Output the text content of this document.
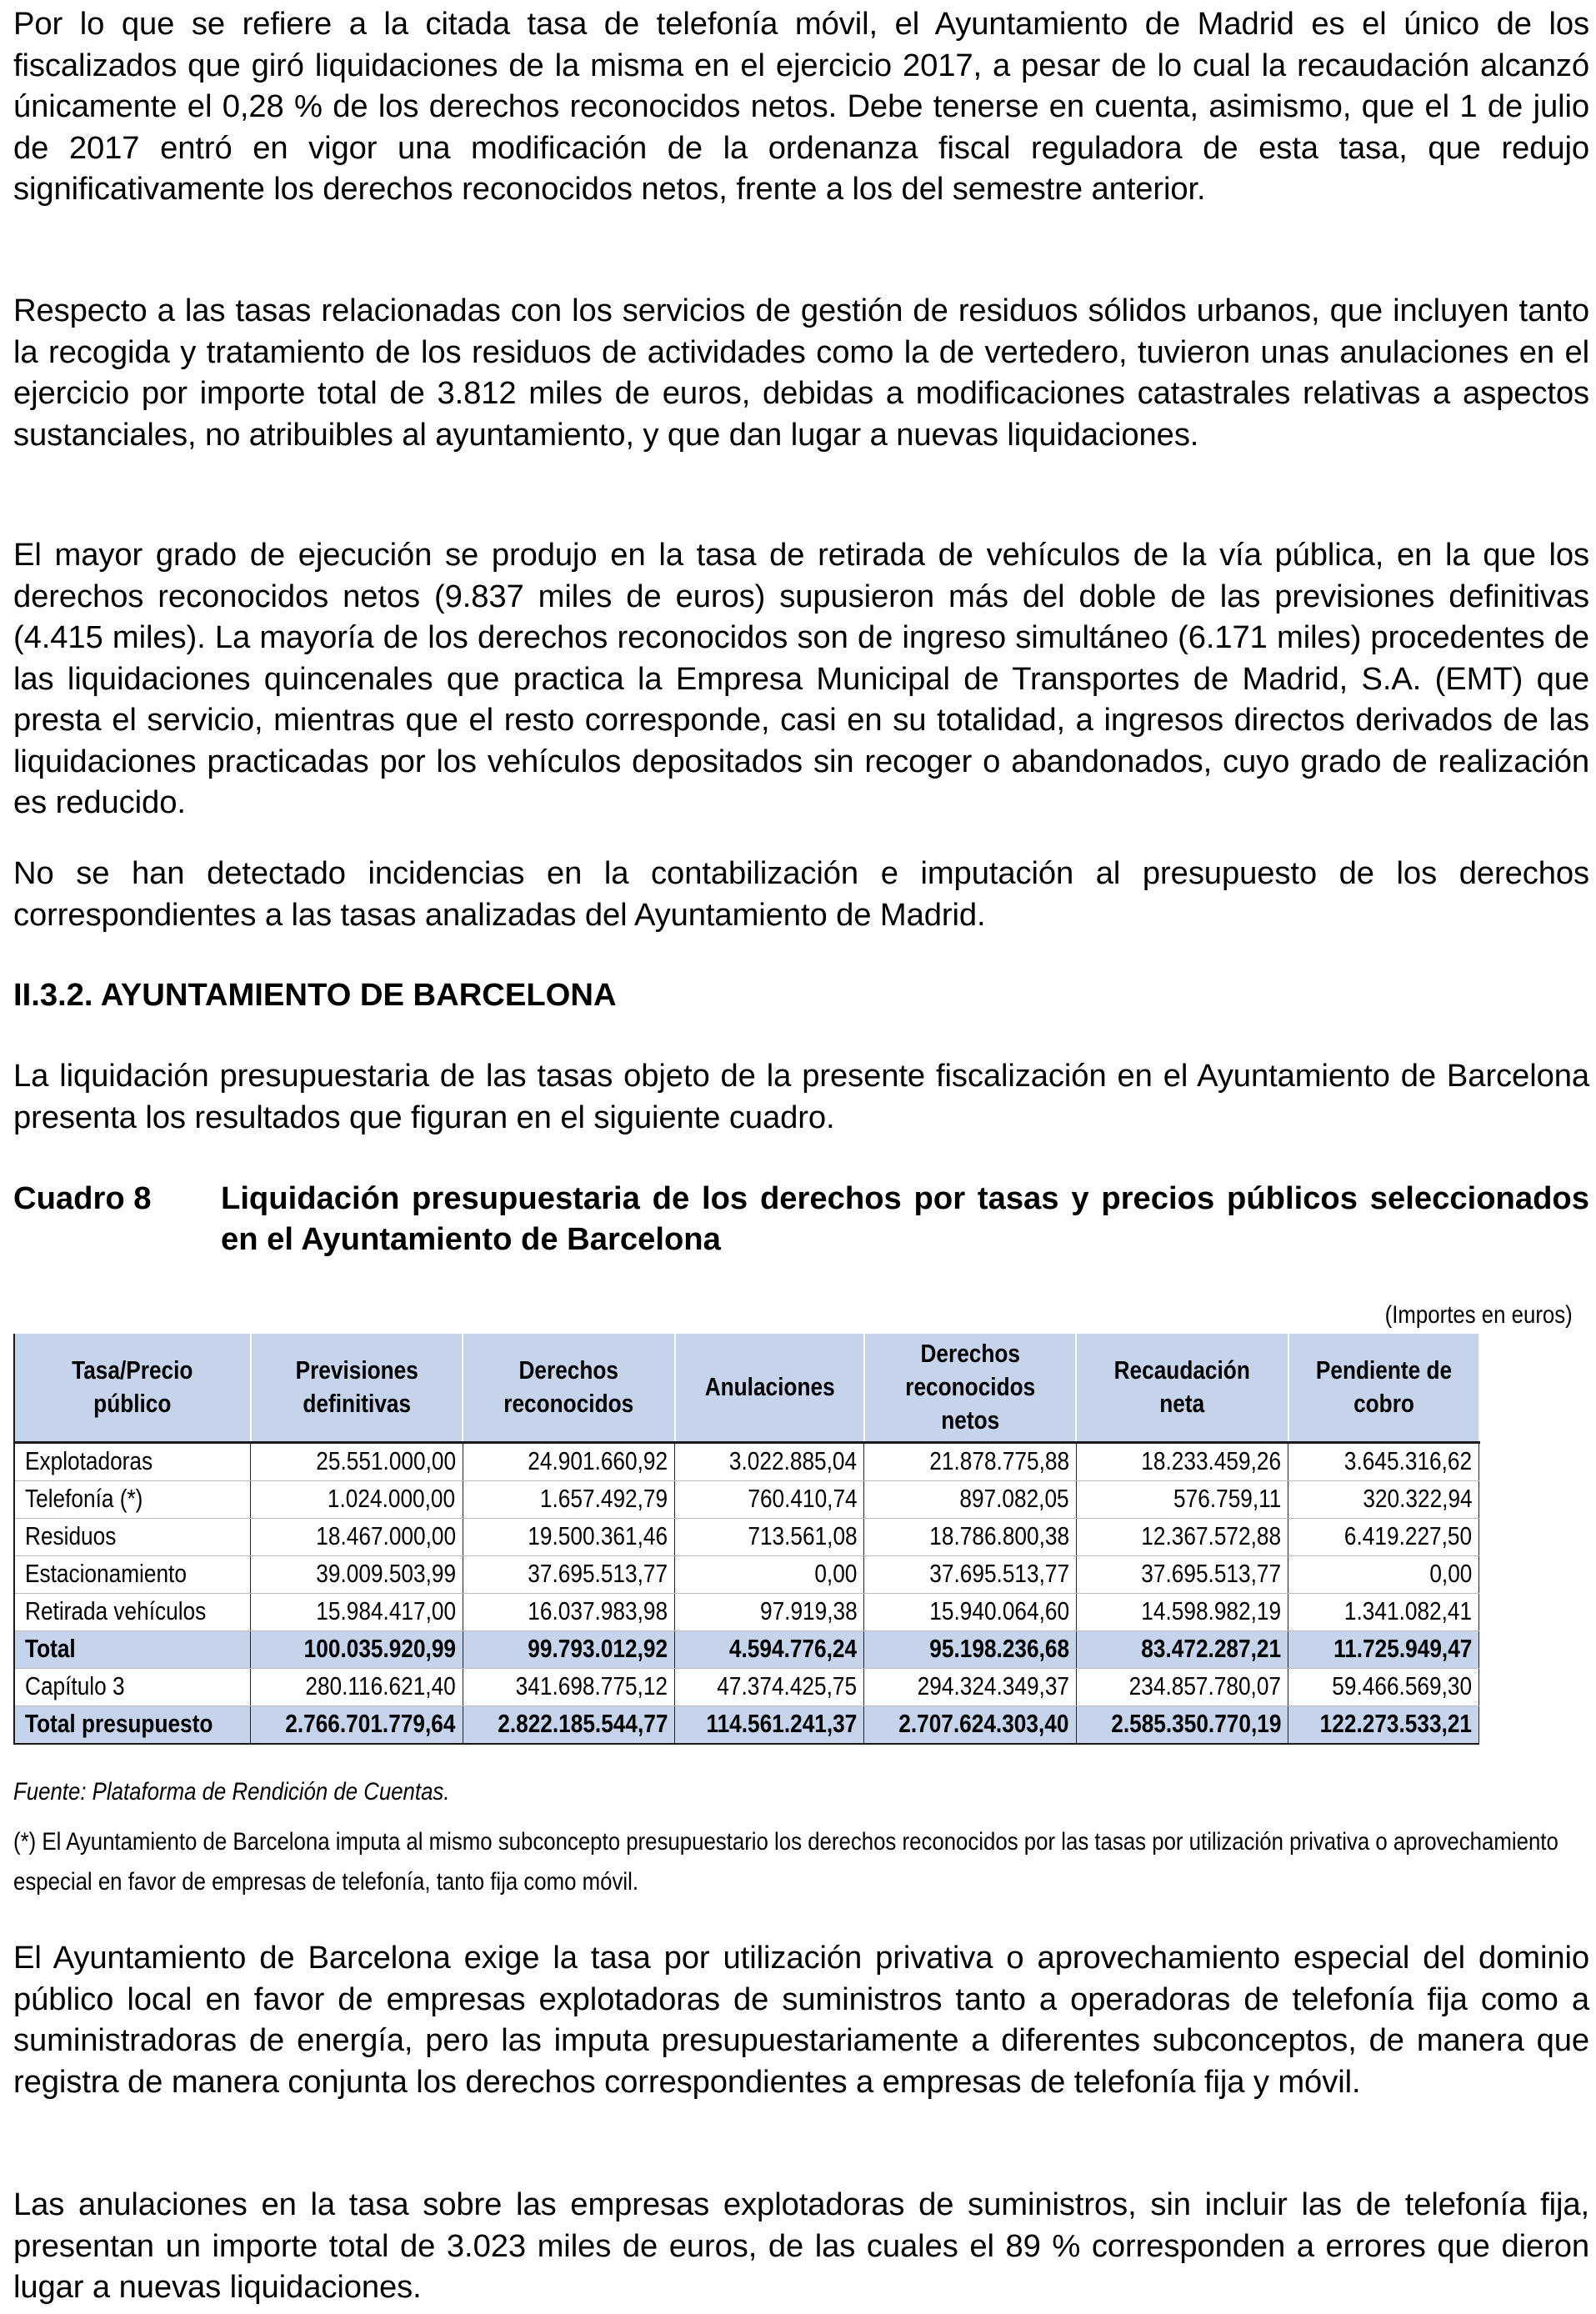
Por lo que se refiere a la citada tasa de telefonía móvil, el Ayuntamiento de Madrid es el único de los fiscalizados que giró liquidaciones de la misma en el ejercicio 2017, a pesar de lo cual la recaudación alcanzó únicamente el 0,28 % de los derechos reconocidos netos. Debe tenerse en cuenta, asimismo, que el 1 de julio de 2017 entró en vigor una modificación de la ordenanza fiscal reguladora de esta tasa, que redujo significativamente los derechos reconocidos netos, frente a los del semestre anterior.

Respecto a las tasas relacionadas con los servicios de gestión de residuos sólidos urbanos, que incluyen tanto la recogida y tratamiento de los residuos de actividades como la de vertedero, tuvieron unas anulaciones en el ejercicio por importe total de 3.812 miles de euros, debidas a modificaciones catastrales relativas a aspectos sustanciales, no atribuibles al ayuntamiento, y que dan lugar a nuevas liquidaciones.

El mayor grado de ejecución se produjo en la tasa de retirada de vehículos de la vía pública, en la que los derechos reconocidos netos (9.837 miles de euros) supusieron más del doble de las previsiones definitivas (4.415 miles). La mayoría de los derechos reconocidos son de ingreso simultáneo (6.171 miles) procedentes de las liquidaciones quincenales que practica la Empresa Municipal de Transportes de Madrid, S.A. (EMT) que presta el servicio, mientras que el resto corresponde, casi en su totalidad, a ingresos directos derivados de las liquidaciones practicadas por los vehículos depositados sin recoger o abandonados, cuyo grado de realización es reducido.

No se han detectado incidencias en la contabilización e imputación al presupuesto de los derechos correspondientes a las tasas analizadas del Ayuntamiento de Madrid.

II.3.2. AYUNTAMIENTO DE BARCELONA

La liquidación presupuestaria de las tasas objeto de la presente fiscalización en el Ayuntamiento de Barcelona presenta los resultados que figuran en el siguiente cuadro.

Cuadro 8 Liquidación presupuestaria de los derechos por tasas y precios públicos seleccionados en el Ayuntamiento de Barcelona
(Importes en euros)
Tasa/Precio público	Previsiones definitivas	Derechos reconocidos	Anulaciones	Derechos reconocidos netos	Recaudación neta	Pendiente de cobro
Explotadoras	25.551.000,00	24.901.660,92	3.022.885,04	21.878.775,88	18.233.459,26	3.645.316,62
Telefonía (*)	1.024.000,00	1.657.492,79	760.410,74	897.082,05	576.759,11	320.322,94
Residuos	18.467.000,00	19.500.361,46	713.561,08	18.786.800,38	12.367.572,88	6.419.227,50
Estacionamiento	39.009.503,99	37.695.513,77	0,00	37.695.513,77	37.695.513,77	0,00
Retirada vehículos	15.984.417,00	16.037.983,98	97.919,38	15.940.064,60	14.598.982,19	1.341.082,41
Total	100.035.920,99	99.793.012,92	4.594.776,24	95.198.236,68	83.472.287,21	11.725.949,47
Capítulo 3	280.116.621,40	341.698.775,12	47.374.425,75	294.324.349,37	234.857.780,07	59.466.569,30
Total presupuesto	2.766.701.779,64	2.822.185.544,77	114.561.241,37	2.707.624.303,40	2.585.350.770,19	122.273.533,21
Fuente: Plataforma de Rendición de Cuentas.
(*) El Ayuntamiento de Barcelona imputa al mismo subconcepto presupuestario los derechos reconocidos por las tasas por utilización privativa o aprovechamiento especial en favor de empresas de telefonía, tanto fija como móvil.

El Ayuntamiento de Barcelona exige la tasa por utilización privativa o aprovechamiento especial del dominio público local en favor de empresas explotadoras de suministros tanto a operadoras de telefonía fija como a suministradoras de energía, pero las imputa presupuestariamente a diferentes subconceptos, de manera que registra de manera conjunta los derechos correspondientes a empresas de telefonía fija y móvil.

Las anulaciones en la tasa sobre las empresas explotadoras de suministros, sin incluir las de telefonía fija, presentan un importe total de 3.023 miles de euros, de las cuales el 89 % corresponden a errores que dieron lugar a nuevas liquidaciones.
